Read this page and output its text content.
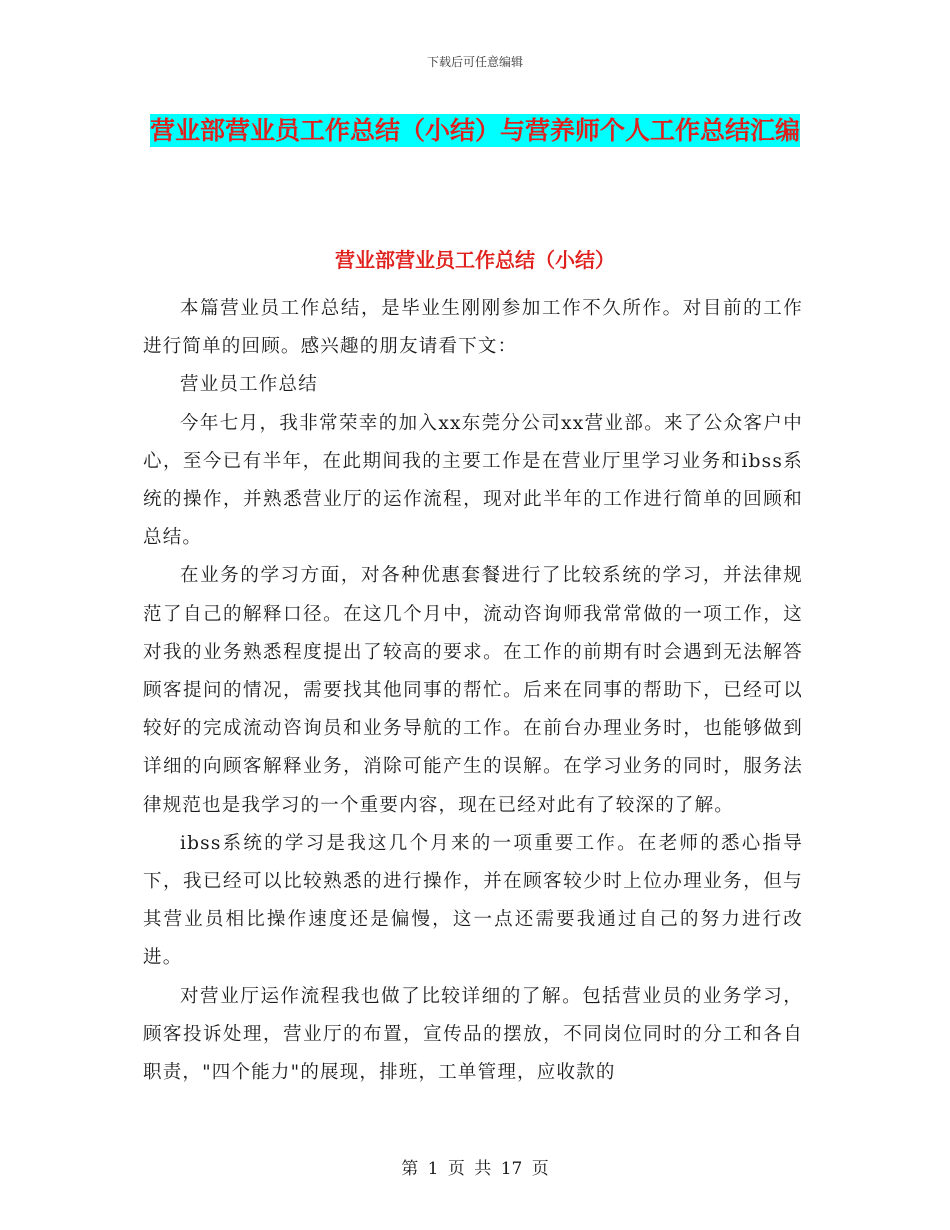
下载后可任意编辑
营业部营业员工作总结（小结）与营养师个人工作总结汇编
营业部营业员工作总结（小结）

本篇营业员工作总结，是毕业生刚刚参加工作不久所作。对目前的工作进行简单的回顾。感兴趣的朋友请看下文：

营业员工作总结

今年七月，我非常荣幸的加入xx东莞分公司xx营业部。来了公众客户中心，至今已有半年，在此期间我的主要工作是在营业厅里学习业务和ibss系统的操作，并熟悉营业厅的运作流程，现对此半年的工作进行简单的回顾和总结。

在业务的学习方面，对各种优惠套餐进行了比较系统的学习，并法律规范了自己的解释口径。在这几个月中，流动咨询师我常常做的一项工作，这对我的业务熟悉程度提出了较高的要求。在工作的前期有时会遇到无法解答顾客提问的情况，需要找其他同事的帮忙。后来在同事的帮助下，已经可以较好的完成流动咨询员和业务导航的工作。在前台办理业务时，也能够做到详细的向顾客解释业务，消除可能产生的误解。在学习业务的同时，服务法律规范也是我学习的一个重要内容，现在已经对此有了较深的了解。

ibss系统的学习是我这几个月来的一项重要工作。在老师的悉心指导下，我已经可以比较熟悉的进行操作，并在顾客较少时上位办理业务，但与其营业员相比操作速度还是偏慢，这一点还需要我通过自己的努力进行改进。

对营业厅运作流程我也做了比较详细的了解。包括营业员的业务学习，顾客投诉处理，营业厅的布置，宣传品的摆放，不同岗位同时的分工和各自职责，"四个能力"的展现，排班，工单管理，应收款的

第 1 页 共 17 页
